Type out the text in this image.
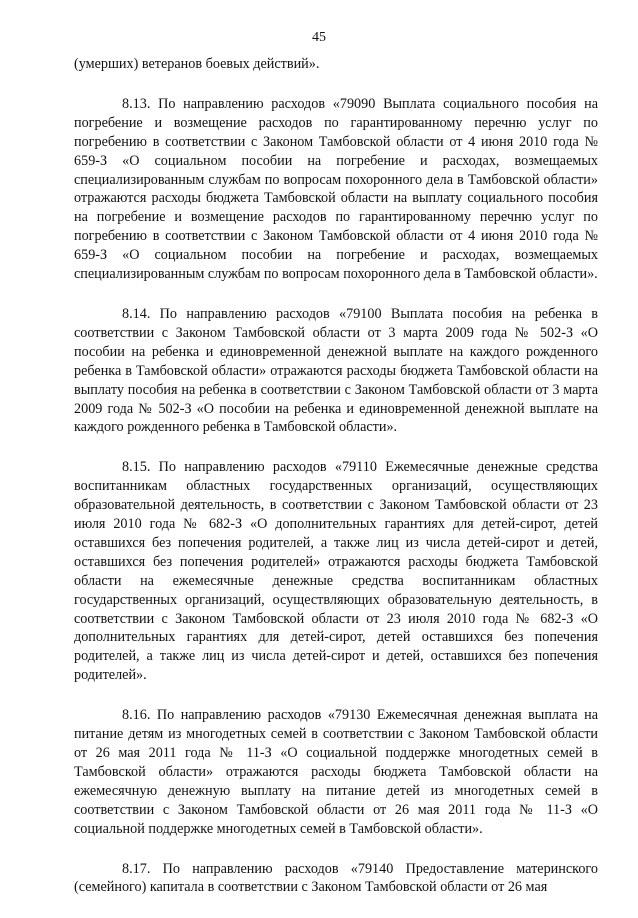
45

(умерших) ветеранов боевых действий».

8.13. По направлению расходов «79090 Выплата социального пособия на погребение и возмещение расходов по гарантированному перечню услуг по погребению в соответствии с Законом Тамбовской области от 4 июня 2010 года № 659-З «О социальном пособии на погребение и расходах, возмещаемых специализированным службам по вопросам похоронного дела в Тамбовской области» отражаются расходы бюджета Тамбовской области на выплату социального пособия на погребение и возмещение расходов по гарантированному перечню услуг по погребению в соответствии с Законом Тамбовской области от 4 июня 2010 года № 659-З «О социальном пособии на погребение и расходах, возмещаемых специализированным службам по вопросам похоронного дела в Тамбовской области».

8.14. По направлению расходов «79100 Выплата пособия на ребенка в соответствии с Законом Тамбовской области от 3 марта 2009 года № 502-З «О пособии на ребенка и единовременной денежной выплате на каждого рожденного ребенка в Тамбовской области» отражаются расходы бюджета Тамбовской области на выплату пособия на ребенка в соответствии с Законом Тамбовской области от 3 марта 2009 года № 502-З «О пособии на ребенка и единовременной денежной выплате на каждого рожденного ребенка в Тамбовской области».

8.15. По направлению расходов «79110 Ежемесячные денежные средства воспитанникам областных государственных организаций, осуществляющих образовательной деятельность, в соответствии с Законом Тамбовской области от 23 июля 2010 года № 682-З «О дополнительных гарантиях для детей-сирот, детей оставшихся без попечения родителей, а также лиц из числа детей-сирот и детей, оставшихся без попечения родителей» отражаются расходы бюджета Тамбовской области на ежемесячные денежные средства воспитанникам областных государственных организаций, осуществляющих образовательную деятельность, в соответствии с Законом Тамбовской области от 23 июля 2010 года № 682-З «О дополнительных гарантиях для детей-сирот, детей оставшихся без попечения родителей, а также лиц из числа детей-сирот и детей, оставшихся без попечения родителей».

8.16. По направлению расходов «79130 Ежемесячная денежная выплата на питание детям из многодетных семей в соответствии с Законом Тамбовской области от 26 мая 2011 года № 11-З «О социальной поддержке многодетных семей в Тамбовской области» отражаются расходы бюджета Тамбовской области на ежемесячную денежную выплату на питание детей из многодетных семей в соответствии с Законом Тамбовской области от 26 мая 2011 года № 11-З «О социальной поддержке многодетных семей в Тамбовской области».

8.17. По направлению расходов «79140 Предоставление материнского (семейного) капитала в соответствии с Законом Тамбовской области от 26 мая
